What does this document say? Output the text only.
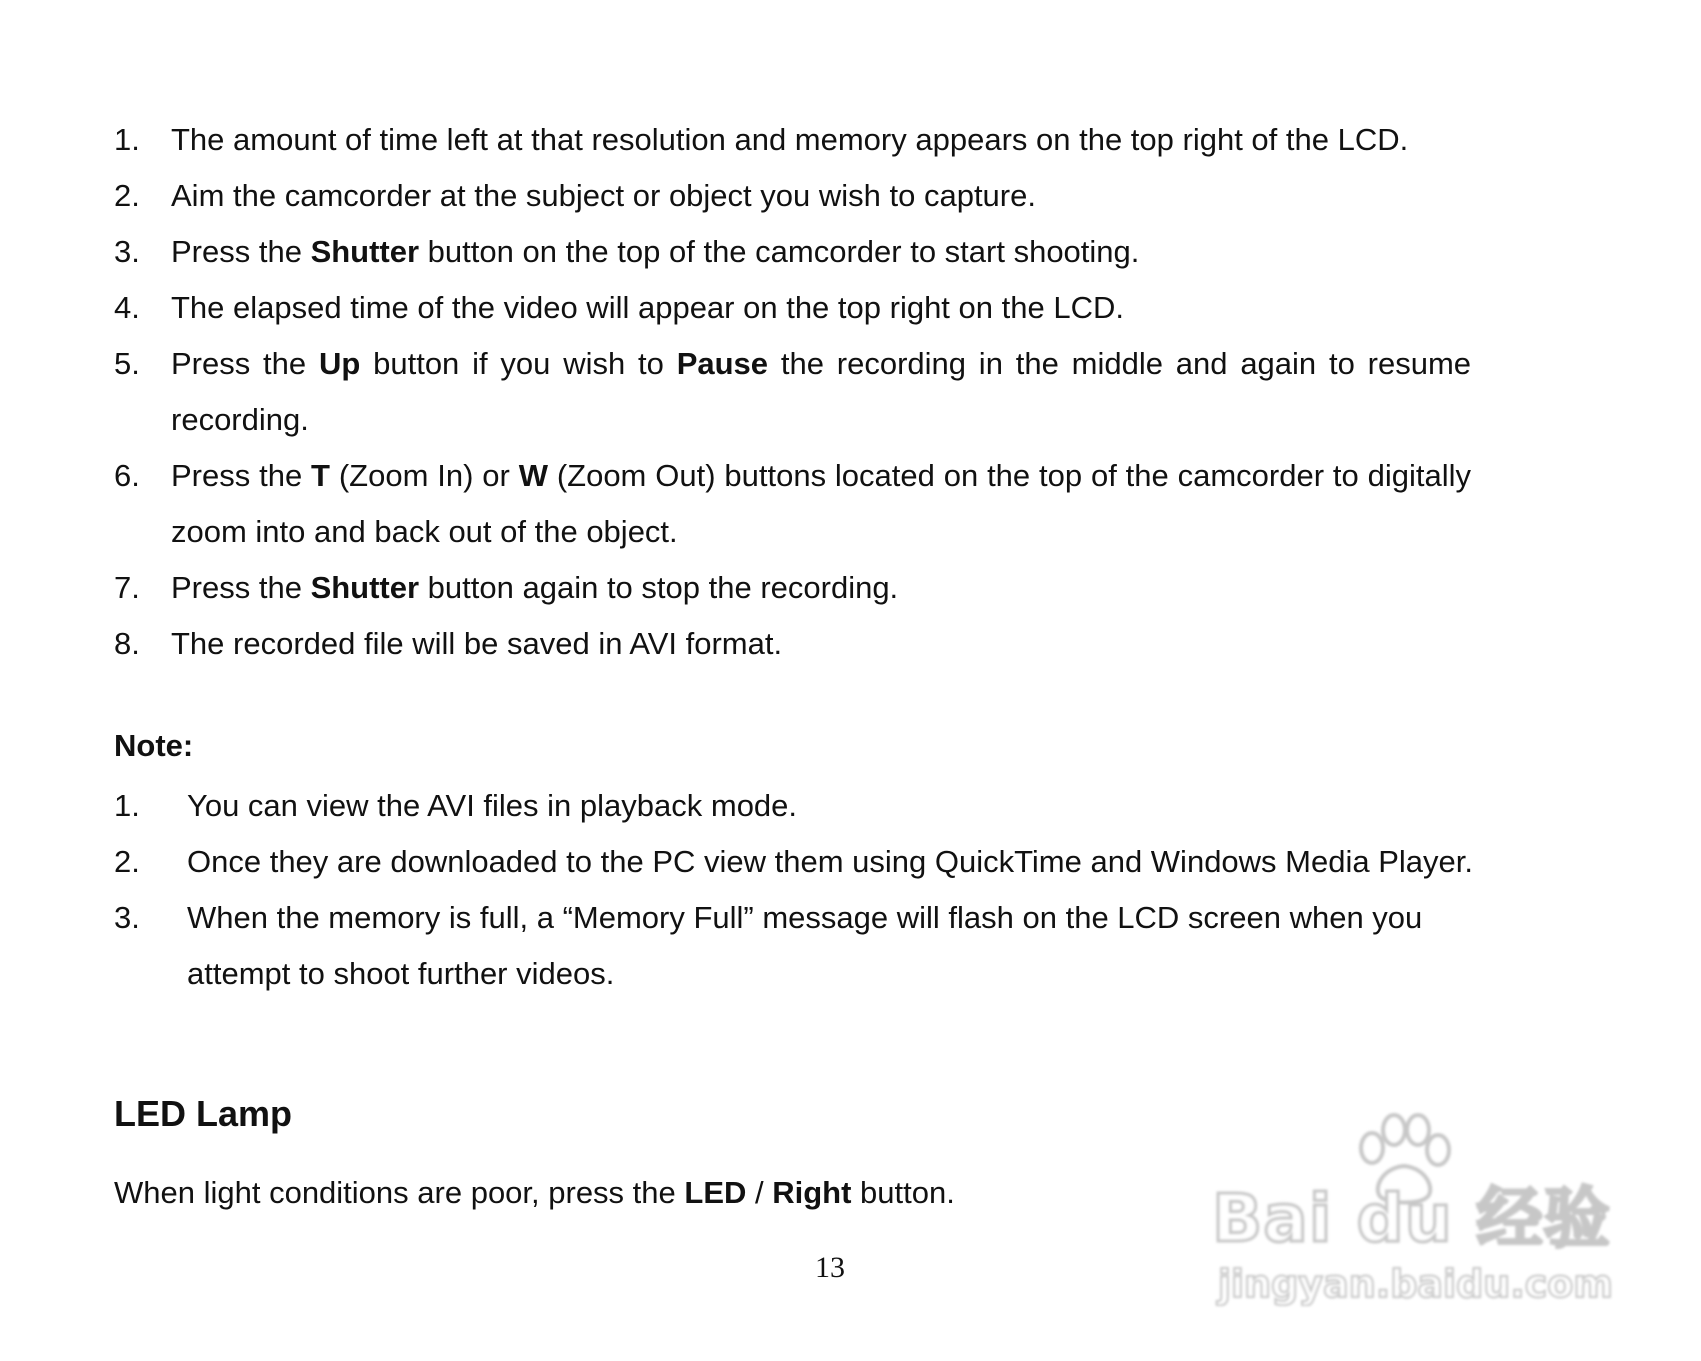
1. The amount of time left at that resolution and memory appears on the top right of the LCD.
2. Aim the camcorder at the subject or object you wish to capture.
3. Press the Shutter button on the top of the camcorder to start shooting.
4. The elapsed time of the video will appear on the top right on the LCD.
5. Press the Up button if you wish to Pause the recording in the middle and again to resume recording.
6. Press the T (Zoom In) or W (Zoom Out) buttons located on the top of the camcorder to digitally zoom into and back out of the object.
7. Press the Shutter button again to stop the recording.
8. The recorded file will be saved in AVI format.
Note:
1. You can view the AVI files in playback mode.
2. Once they are downloaded to the PC view them using QuickTime and Windows Media Player.
3. When the memory is full, a “Memory Full” message will flash on the LCD screen when you attempt to shoot further videos.
LED Lamp

When light conditions are poor, press the LED / Right button.

13
Bai du 经验
jingyan.baidu.com
